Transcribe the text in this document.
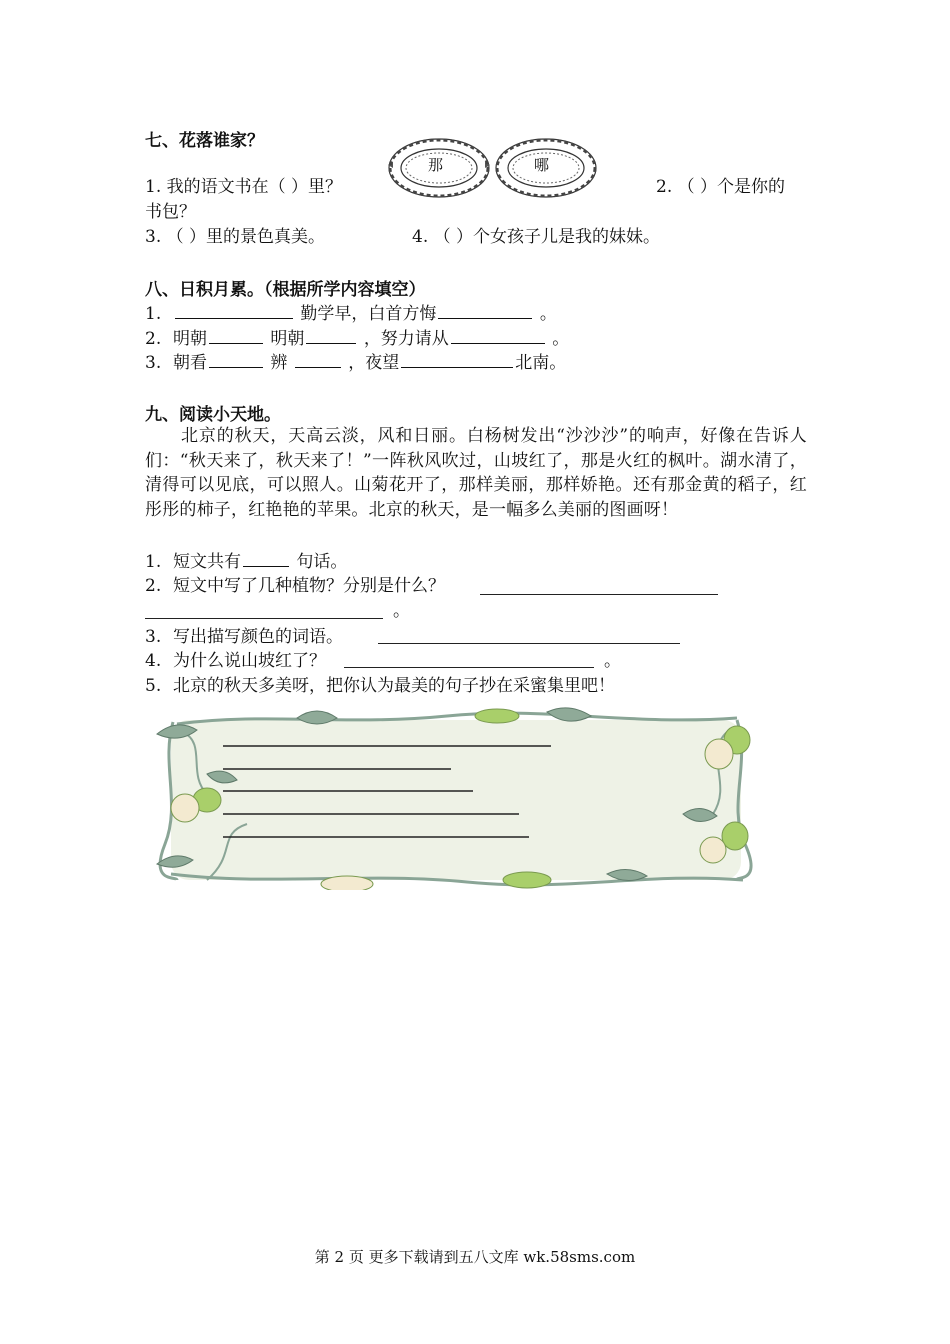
七、花落谁家？
那	哪
1. 我的语文书在（ ）里？	2. （ ）个是你的
书包？
3. （ ）里的景色真美。	4. （ ）个女孩子儿是我的妹妹。
八、日积月累。（根据所学内容填空）
1.	勤学早，白首方悔	。
2. 明朝	明朝	，努力请从	。
3. 朝看	辨	，夜望	北南。
九、阅读小天地。
北京的秋天，天高云淡，风和日丽。白杨树发出“沙沙沙”的响声，好像在告诉人们：“秋天来了，秋天来了！”一阵秋风吹过，山坡红了，那是火红的枫叶。湖水清了，清得可以见底，可以照人。山菊花开了，那样美丽，那样娇艳。还有那金黄的稻子，红彤彤的柿子，红艳艳的苹果。北京的秋天，是一幅多么美丽的图画呀！
1. 短文共有	句话。
2. 短文中写了几种植物？分别是什么？
。
3. 写出描写颜色的词语。
4. 为什么说山坡红了？	。
5. 北京的秋天多美呀，把你认为最美的句子抄在采蜜集里吧！
第 2 页 更多下载请到五八文库 wk.58sms.com
